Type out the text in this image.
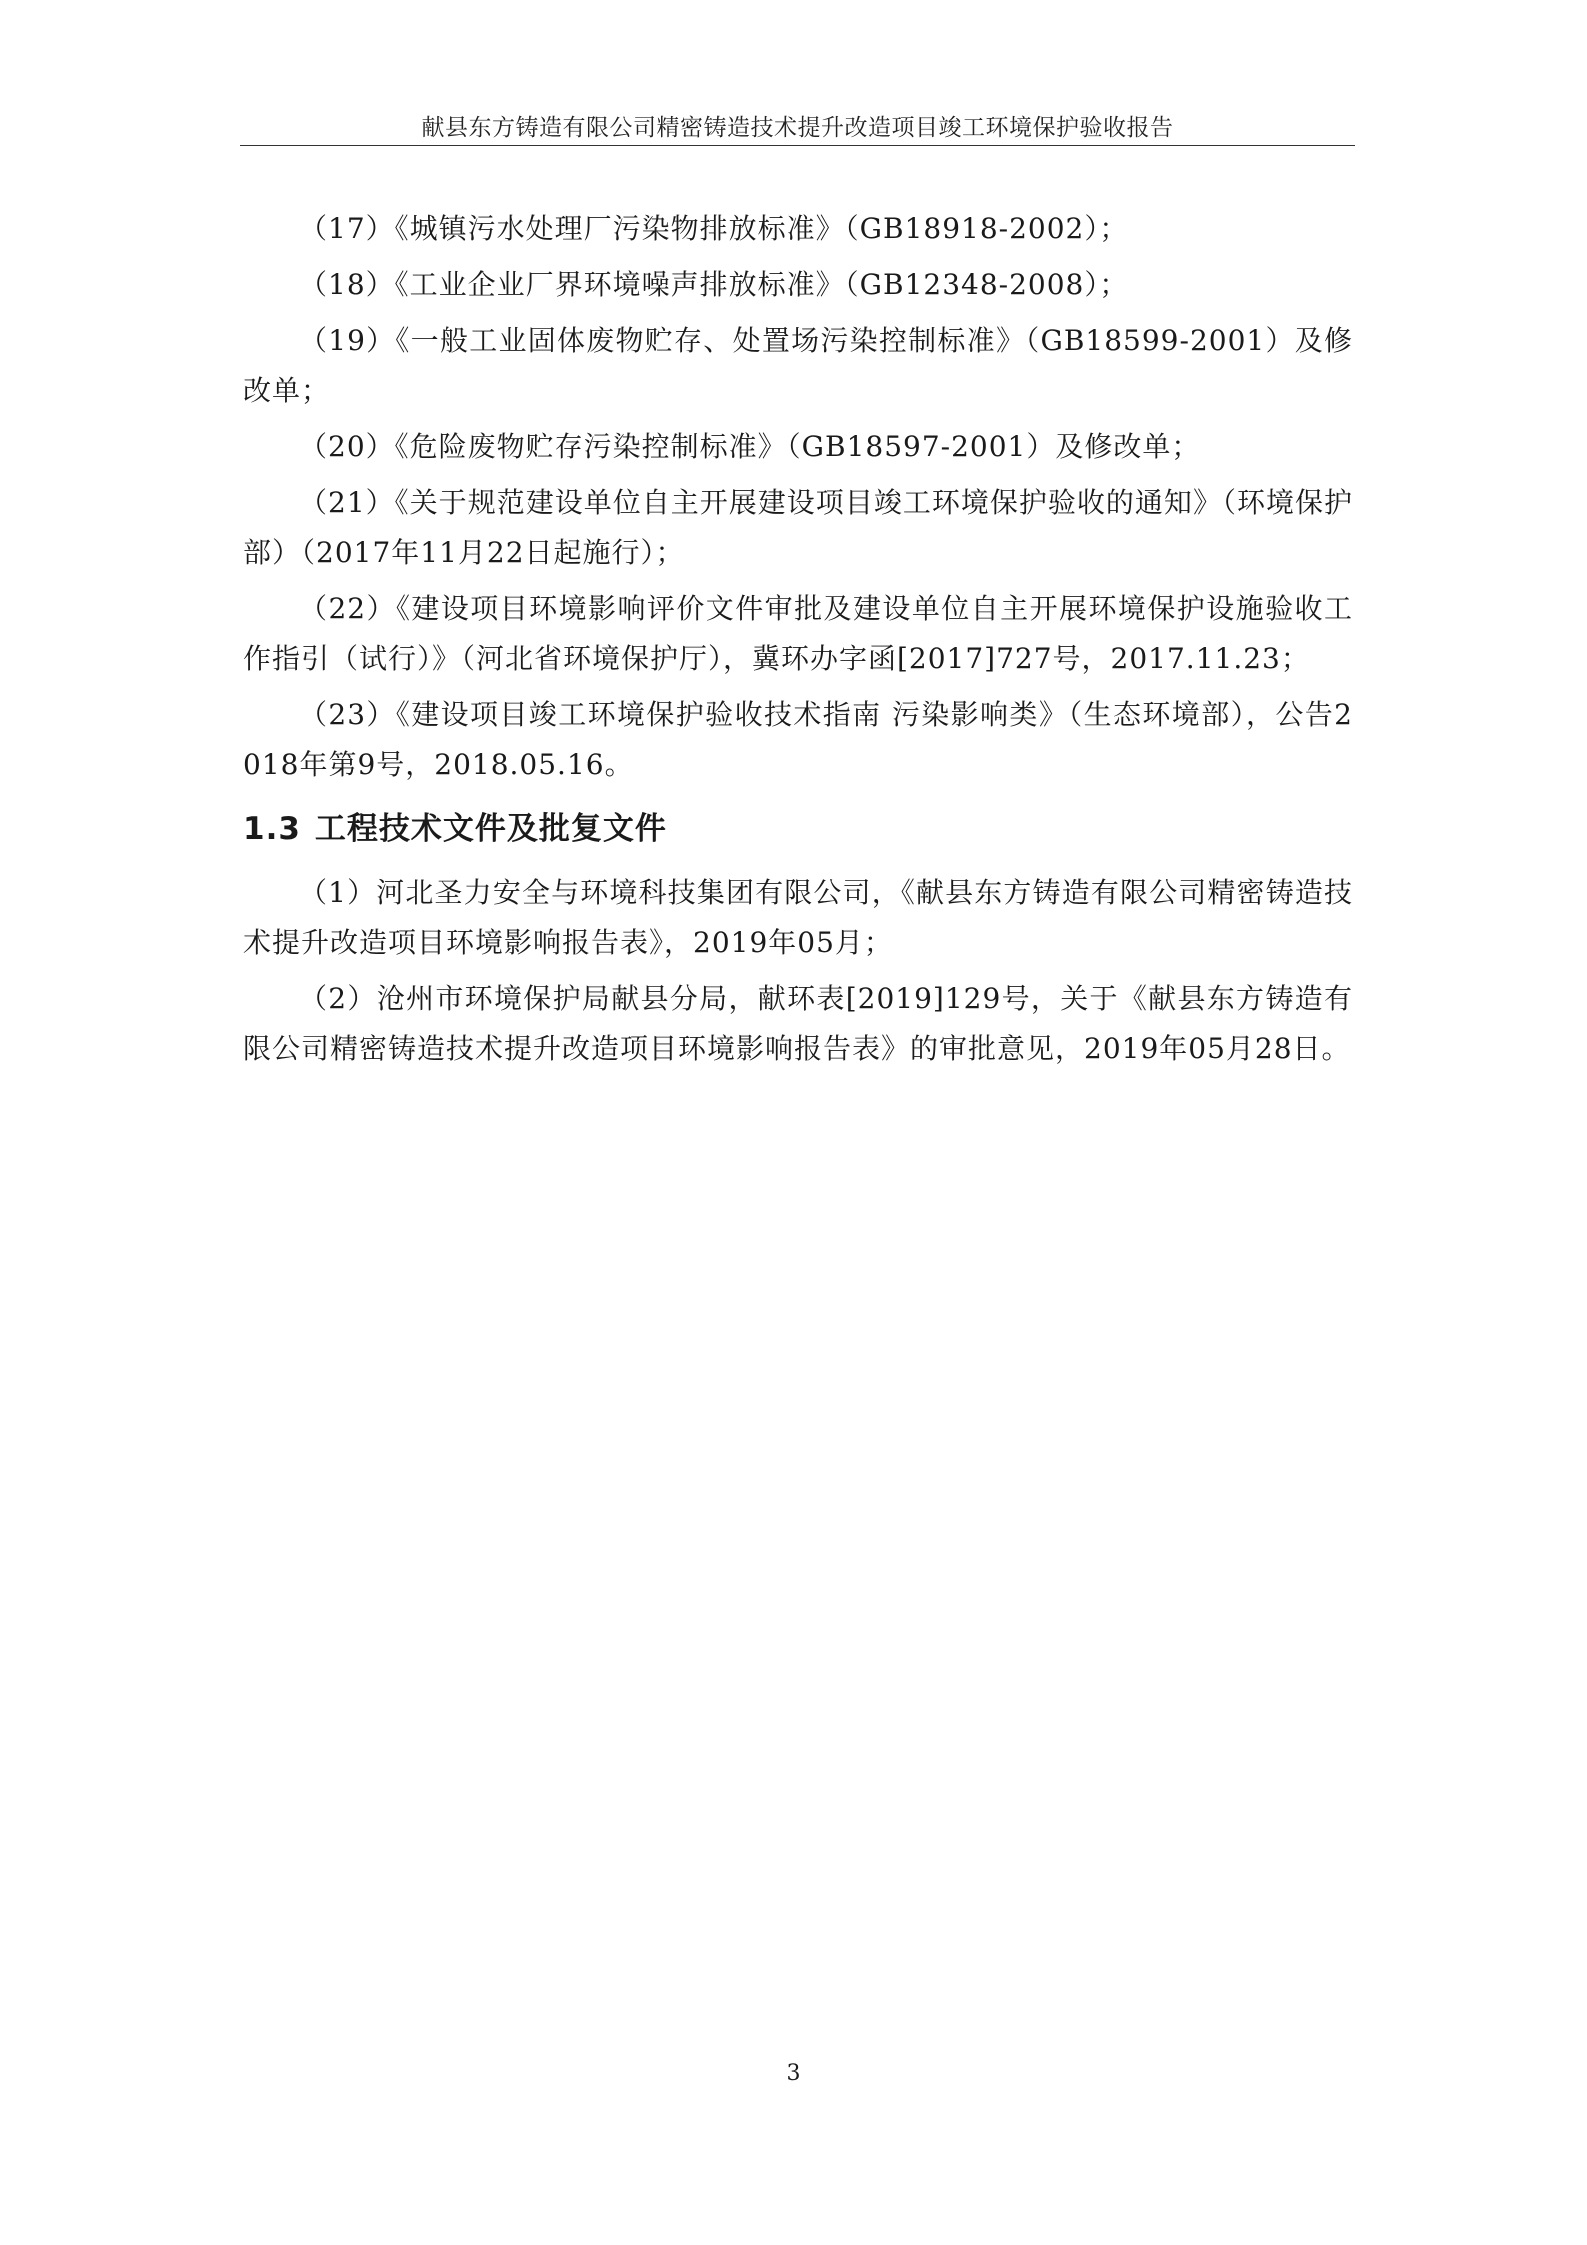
献县东方铸造有限公司精密铸造技术提升改造项目竣工环境保护验收报告

（17）《城镇污水处理厂污染物排放标准》（GB18918-2002）；

（18）《工业企业厂界环境噪声排放标准》（GB12348-2008）；

（19）《一般工业固体废物贮存、处置场污染控制标准》（GB18599-2001）及修改单；

（20）《危险废物贮存污染控制标准》（GB18597-2001）及修改单；

（21）《关于规范建设单位自主开展建设项目竣工环境保护验收的通知》（环境保护部）（2017年11月22日起施行）；

（22）《建设项目环境影响评价文件审批及建设单位自主开展环境保护设施验收工作指引（试行）》（河北省环境保护厅），冀环办字函[2017]727号，2017.11.23；

（23）《建设项目竣工环境保护验收技术指南 污染影响类》（生态环境部），公告2018年第9号，2018.05.16。

1.3 工程技术文件及批复文件

（1）河北圣力安全与环境科技集团有限公司，《献县东方铸造有限公司精密铸造技术提升改造项目环境影响报告表》，2019年05月；

（2）沧州市环境保护局献县分局，献环表[2019]129号，关于《献县东方铸造有限公司精密铸造技术提升改造项目环境影响报告表》的审批意见，2019年05月28日。

3
